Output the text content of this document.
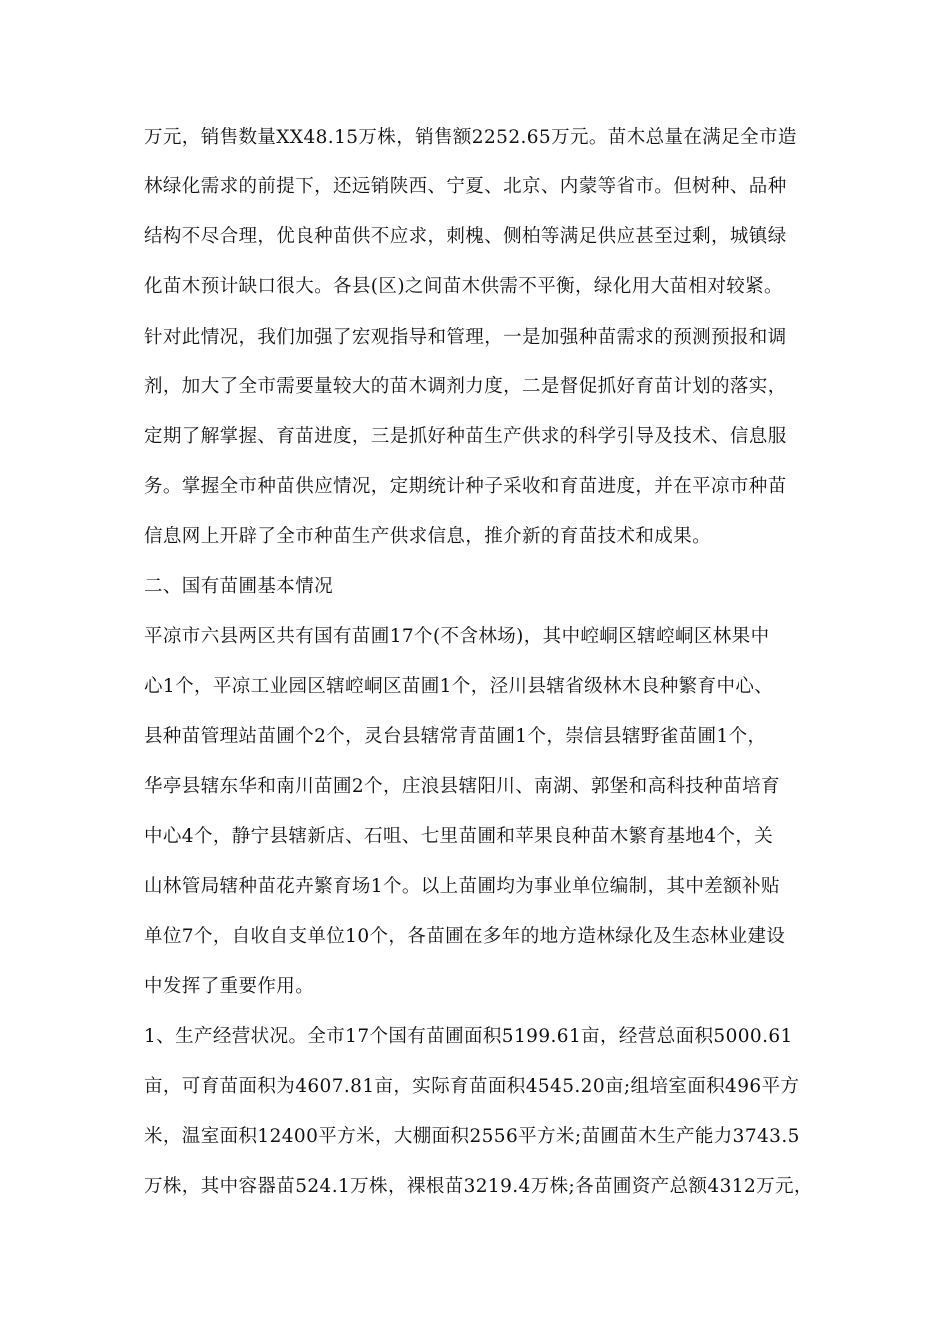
万元，销售数量XX48.15万株，销售额2252.65万元。苗木总量在满足全市造
林绿化需求的前提下，还远销陕西、宁夏、北京、内蒙等省市。但树种、品种
结构不尽合理，优良种苗供不应求，刺槐、侧柏等满足供应甚至过剩，城镇绿
化苗木预计缺口很大。各县(区)之间苗木供需不平衡，绿化用大苗相对较紧。
针对此情况，我们加强了宏观指导和管理，一是加强种苗需求的预测预报和调
剂，加大了全市需要量较大的苗木调剂力度，二是督促抓好育苗计划的落实，
定期了解掌握、育苗进度，三是抓好种苗生产供求的科学引导及技术、信息服
务。掌握全市种苗供应情况，定期统计种子采收和育苗进度，并在平凉市种苗
信息网上开辟了全市种苗生产供求信息，推介新的育苗技术和成果。
二、国有苗圃基本情况
平凉市六县两区共有国有苗圃17个(不含林场)，其中崆峒区辖崆峒区林果中
心1个，平凉工业园区辖崆峒区苗圃1个，泾川县辖省级林木良种繁育中心、
县种苗管理站苗圃个2个，灵台县辖常青苗圃1个，崇信县辖野雀苗圃1个，
华亭县辖东华和南川苗圃2个，庄浪县辖阳川、南湖、郭堡和高科技种苗培育
中心4个，静宁县辖新店、石咀、七里苗圃和苹果良种苗木繁育基地4个，关
山林管局辖种苗花卉繁育场1个。以上苗圃均为事业单位编制，其中差额补贴
单位7个，自收自支单位10个，各苗圃在多年的地方造林绿化及生态林业建设
中发挥了重要作用。
1、生产经营状况。全市17个国有苗圃面积5199.61亩，经营总面积5000.61
亩，可育苗面积为4607.81亩，实际育苗面积4545.20亩;组培室面积496平方
米，温室面积12400平方米，大棚面积2556平方米;苗圃苗木生产能力3743.5
万株，其中容器苗524.1万株，裸根苗3219.4万株;各苗圃资产总额4312万元，
